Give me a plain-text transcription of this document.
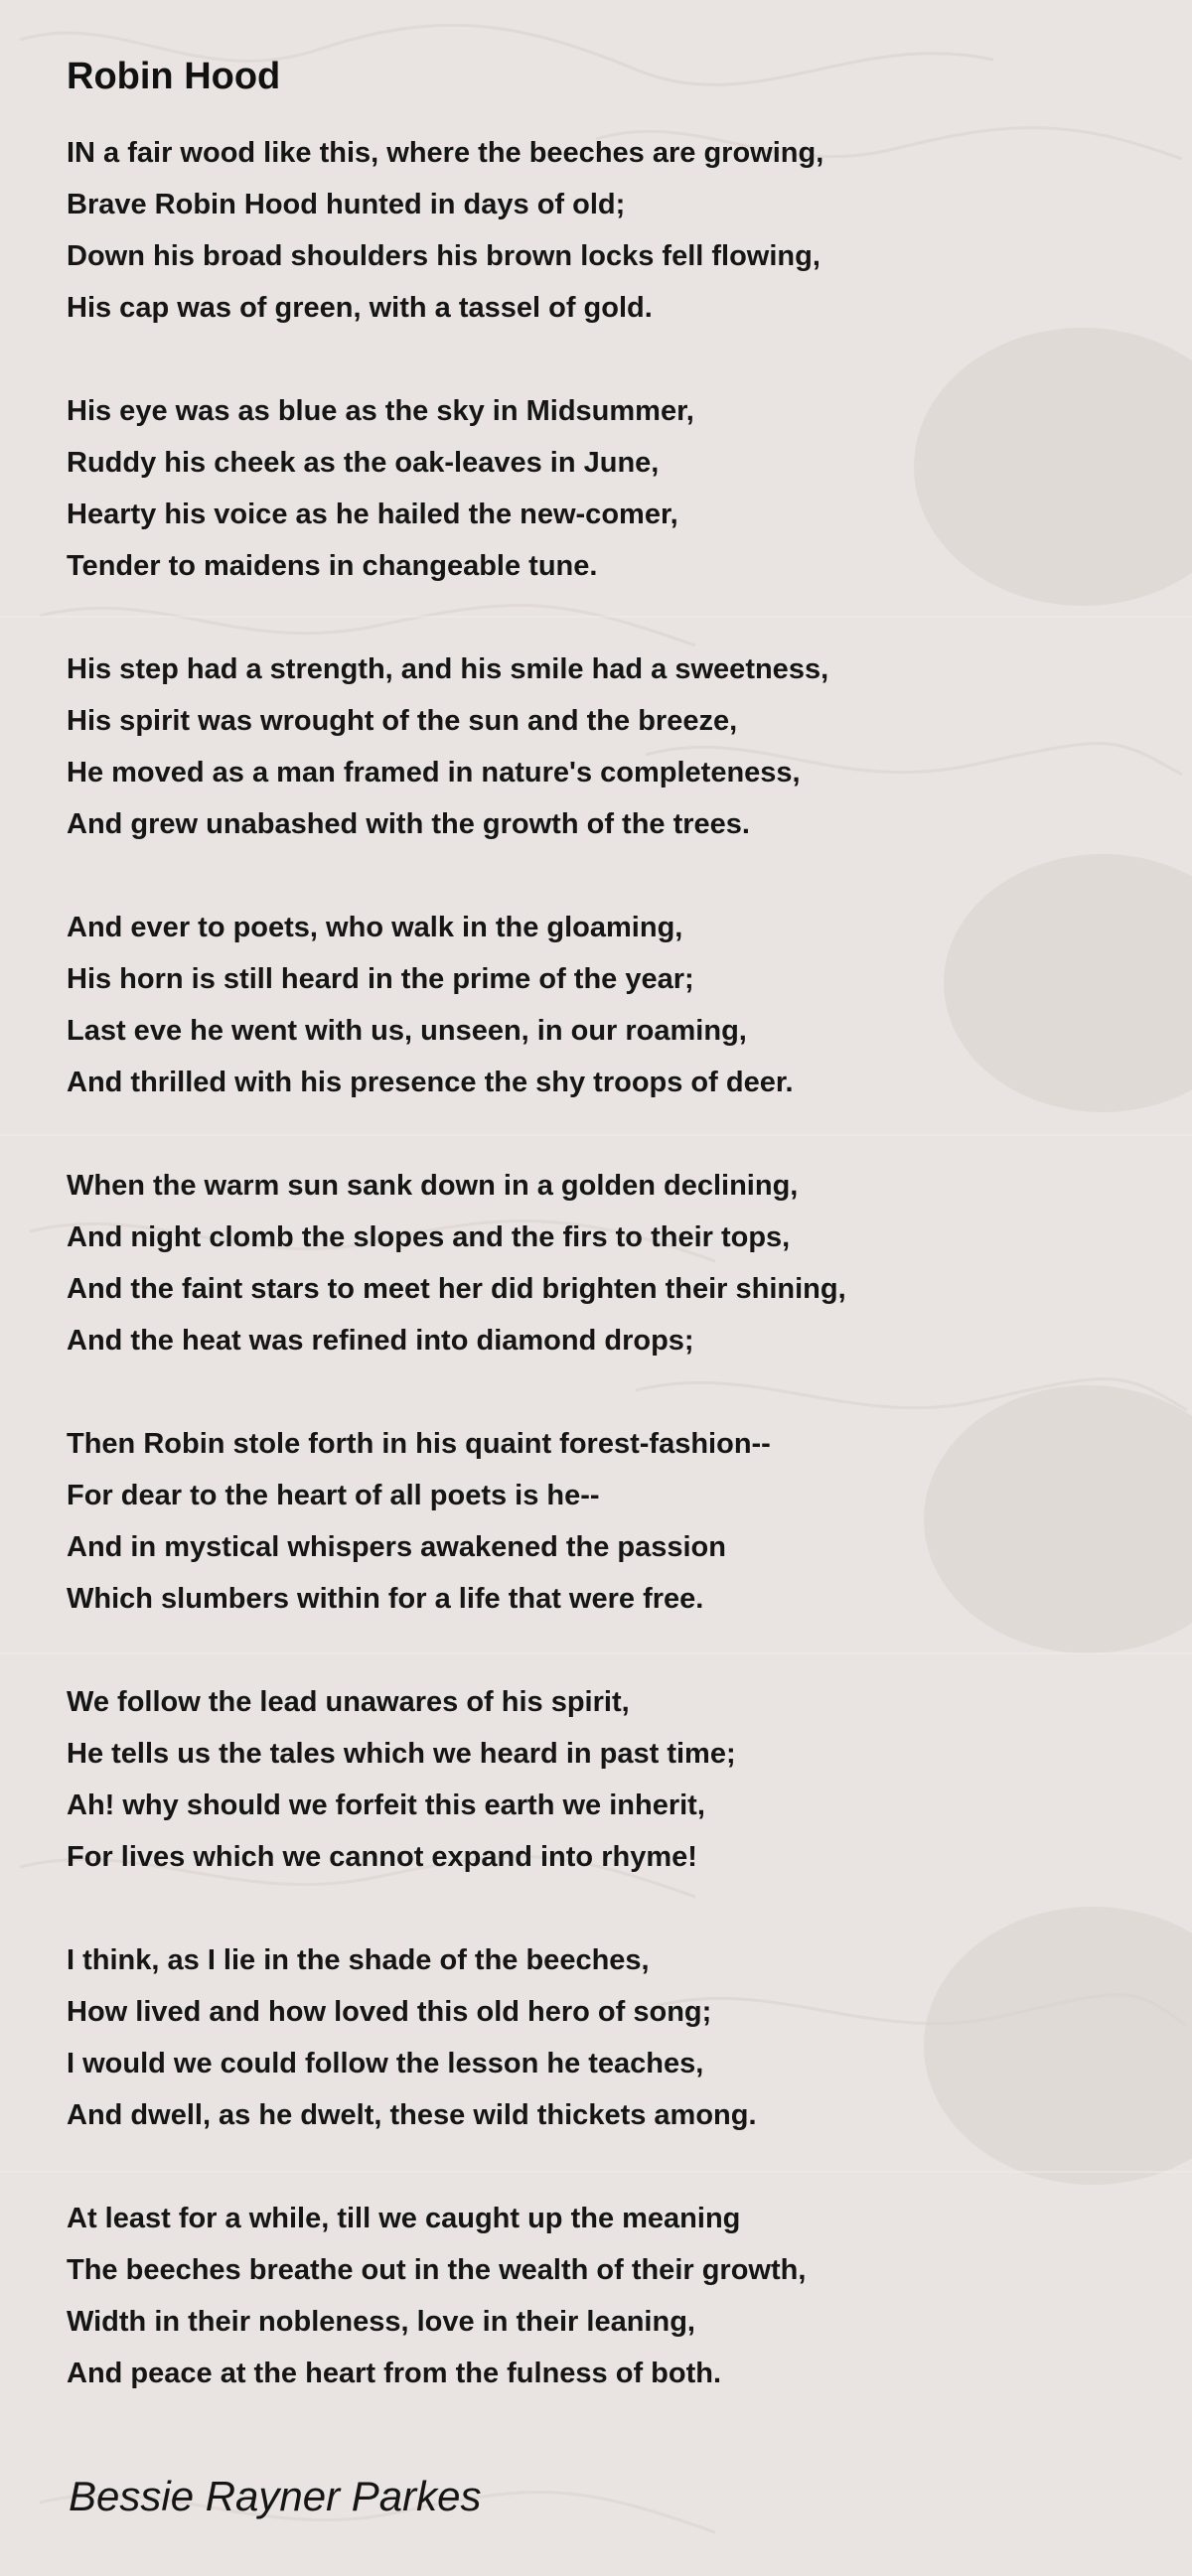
Robin Hood
IN a fair wood like this, where the beeches are growing,
Brave Robin Hood hunted in days of old;
Down his broad shoulders his brown locks fell flowing,
His cap was of green, with a tassel of gold.
His eye was as blue as the sky in Midsummer,
Ruddy his cheek as the oak-leaves in June,
Hearty his voice as he hailed the new-comer,
Tender to maidens in changeable tune.
His step had a strength, and his smile had a sweetness,
His spirit was wrought of the sun and the breeze,
He moved as a man framed in nature's completeness,
And grew unabashed with the growth of the trees.
And ever to poets, who walk in the gloaming,
His horn is still heard in the prime of the year;
Last eve he went with us, unseen, in our roaming,
And thrilled with his presence the shy troops of deer.
When the warm sun sank down in a golden declining,
And night clomb the slopes and the firs to their tops,
And the faint stars to meet her did brighten their shining,
And the heat was refined into diamond drops;
Then Robin stole forth in his quaint forest-fashion--
For dear to the heart of all poets is he--
And in mystical whispers awakened the passion
Which slumbers within for a life that were free.
We follow the lead unawares of his spirit,
He tells us the tales which we heard in past time;
Ah! why should we forfeit this earth we inherit,
For lives which we cannot expand into rhyme!
I think, as I lie in the shade of the beeches,
How lived and how loved this old hero of song;
I would we could follow the lesson he teaches,
And dwell, as he dwelt, these wild thickets among.
At least for a while, till we caught up the meaning
The beeches breathe out in the wealth of their growth,
Width in their nobleness, love in their leaning,
And peace at the heart from the fulness of both.
Bessie Rayner Parkes
